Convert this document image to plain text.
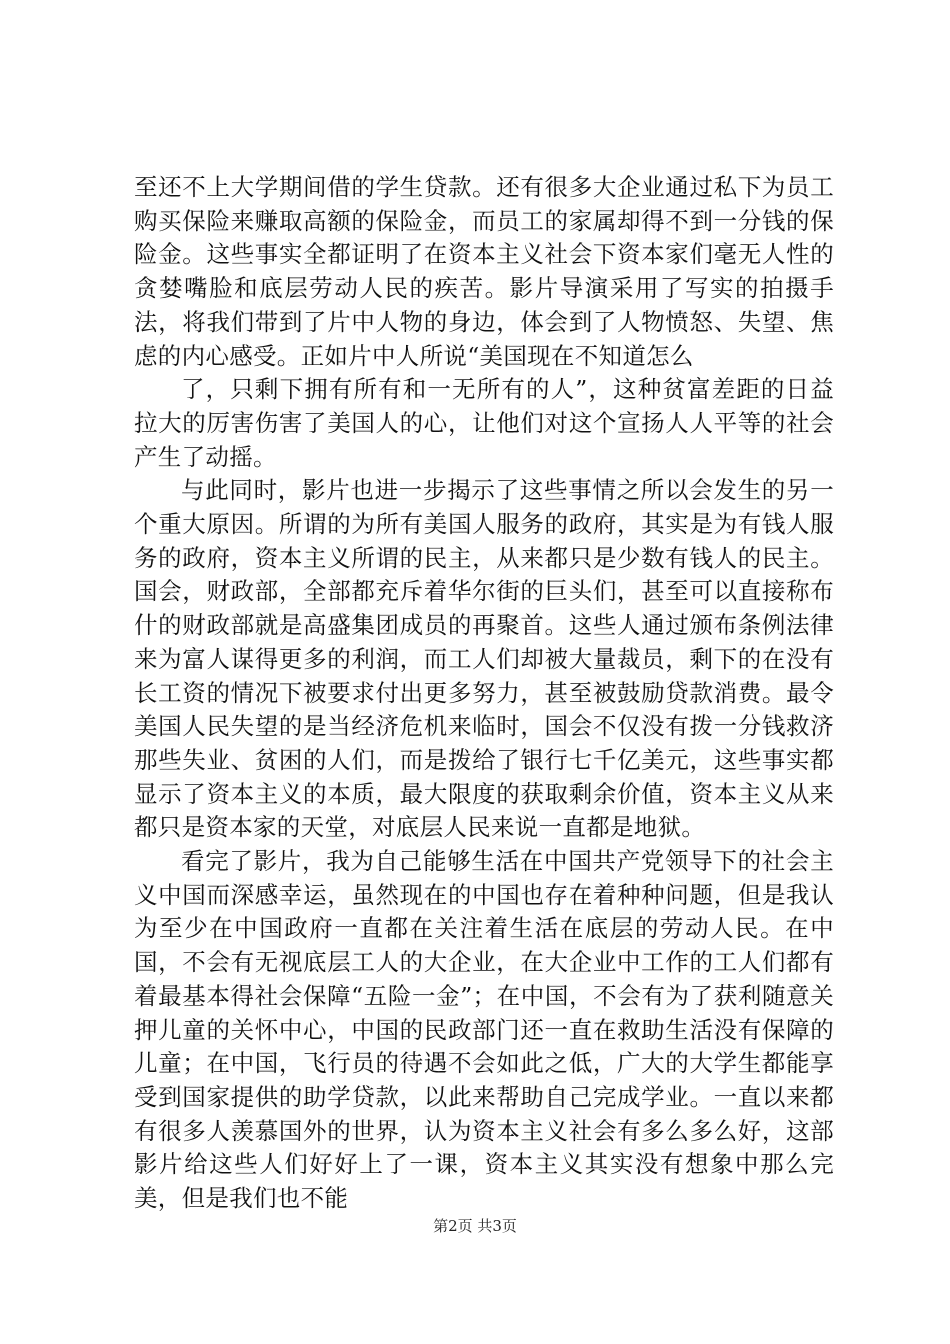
至还不上大学期间借的学生贷款。还有很多大企业通过私下为员工购买保险来赚取高额的保险金，而员工的家属却得不到一分钱的保险金。这些事实全都证明了在资本主义社会下资本家们毫无人性的贪婪嘴脸和底层劳动人民的疾苦。影片导演采用了写实的拍摄手法，将我们带到了片中人物的身边，体会到了人物愤怒、失望、焦虑的内心感受。正如片中人所说“美国现在不知道怎么

了，只剩下拥有所有和一无所有的人”，这种贫富差距的日益拉大的厉害伤害了美国人的心，让他们对这个宣扬人人平等的社会产生了动摇。

与此同时，影片也进一步揭示了这些事情之所以会发生的另一个重大原因。所谓的为所有美国人服务的政府，其实是为有钱人服务的政府，资本主义所谓的民主，从来都只是少数有钱人的民主。国会，财政部，全部都充斥着华尔街的巨头们，甚至可以直接称布什的财政部就是高盛集团成员的再聚首。这些人通过颁布条例法律来为富人谋得更多的利润，而工人们却被大量裁员，剩下的在没有长工资的情况下被要求付出更多努力，甚至被鼓励贷款消费。最令美国人民失望的是当经济危机来临时，国会不仅没有拨一分钱救济那些失业、贫困的人们，而是拨给了银行七千亿美元，这些事实都显示了资本主义的本质，最大限度的获取剩余价值，资本主义从来都只是资本家的天堂，对底层人民来说一直都是地狱。

看完了影片，我为自己能够生活在中国共产党领导下的社会主义中国而深感幸运，虽然现在的中国也存在着种种问题，但是我认为至少在中国政府一直都在关注着生活在底层的劳动人民。在中国，不会有无视底层工人的大企业，在大企业中工作的工人们都有着最基本得社会保障“五险一金”；在中国，不会有为了获利随意关押儿童的关怀中心，中国的民政部门还一直在救助生活没有保障的儿童；在中国，飞行员的待遇不会如此之低，广大的大学生都能享受到国家提供的助学贷款，以此来帮助自己完成学业。一直以来都有很多人羡慕国外的世界，认为资本主义社会有多么多么好，这部影片给这些人们好好上了一课，资本主义其实没有想象中那么完美，但是我们也不能

第2页 共3页
